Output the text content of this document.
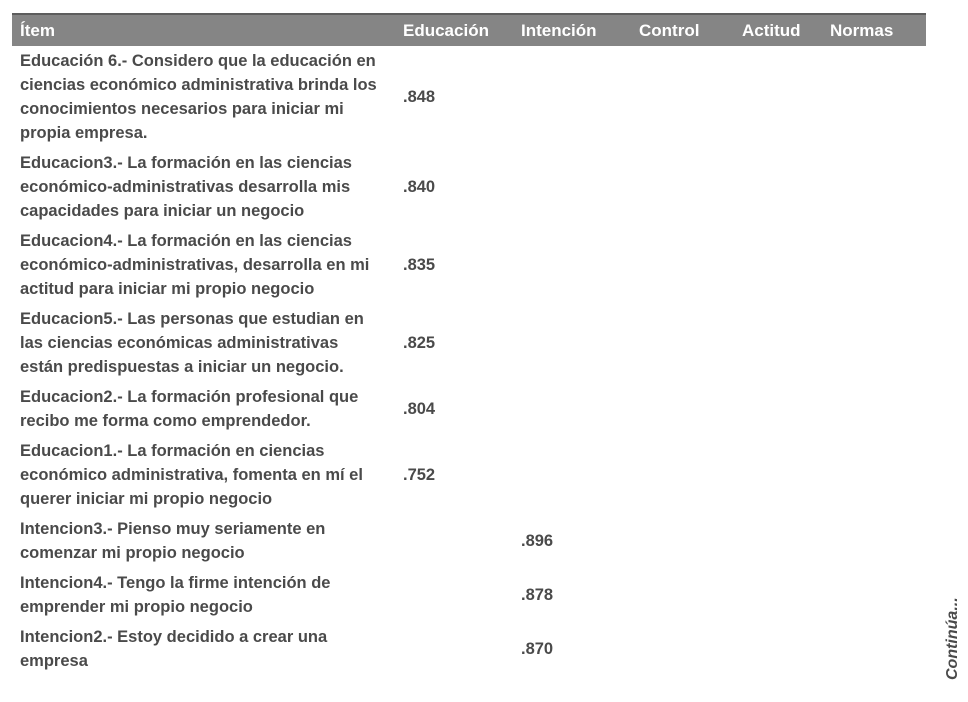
Ítem	Educación	Intención	Control	Actitud	Normas
Educación 6.- Considero que la educación en ciencias económico administrativa brinda los conocimientos necesarios para iniciar mi propia empresa.	.848				
Educacion3.- La formación en las ciencias económico-administrativas desarrolla mis capacidades para iniciar un negocio	.840				
Educacion4.- La formación en las ciencias económico-administrativas, desarrolla en mi actitud para iniciar mi propio negocio	.835				
Educacion5.- Las personas que estudian en las ciencias económicas administrativas están predispuestas a iniciar un negocio.	.825				
Educacion2.- La formación profesional que recibo me forma como emprendedor.	.804				
Educacion1.- La formación en ciencias económico administrativa, fomenta en mí el querer iniciar mi propio negocio	.752				
Intencion3.- Pienso muy seriamente en comenzar mi propio negocio		.896			
Intencion4.- Tengo la firme intención de emprender mi propio negocio		.878			
Intencion2.- Estoy decidido a crear una empresa		.870				Continúa...
